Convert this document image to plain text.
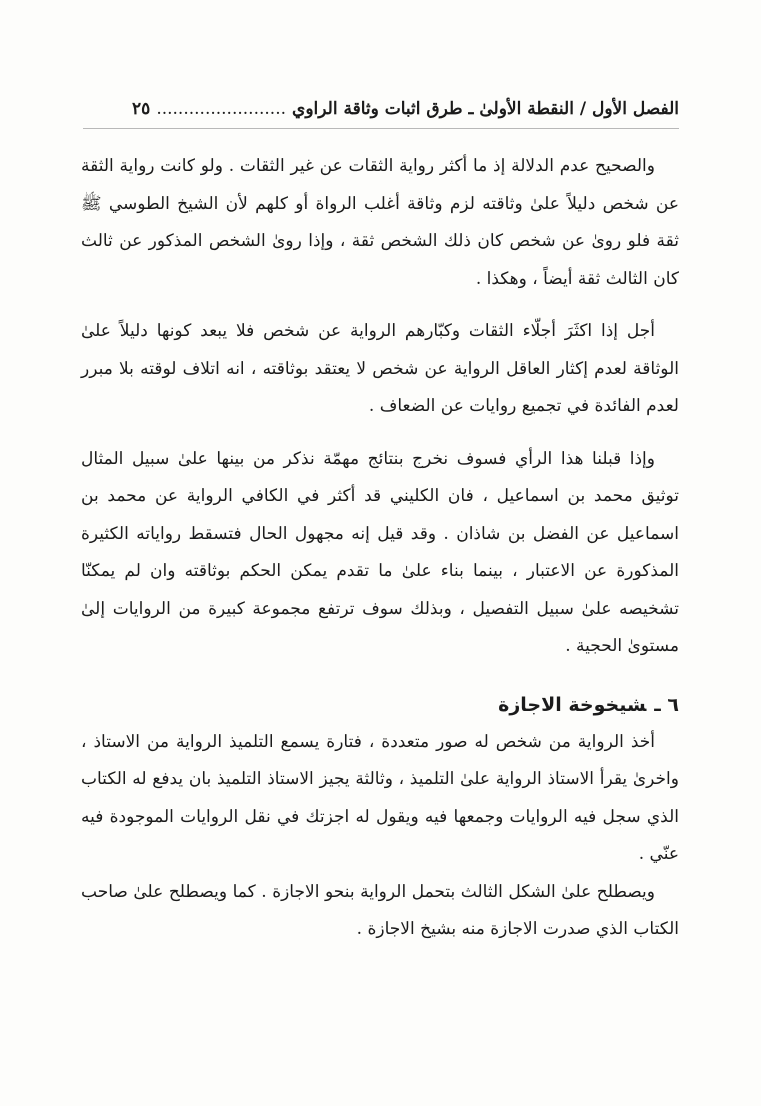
الفصل الأول / النقطة الأولىٰ ـ طرق اثبات وثاقة الراوي........................٢٥

والصحيح عدم الدلالة إذ ما أكثر رواية الثقات عن غير الثقات . ولو كانت رواية الثقة عن شخص دليلاً علىٰ وثاقته لزم وثاقة أغلب الرواة أو كلهم لأن الشيخ الطوسي ﷺ ثقة فلو روىٰ عن شخص كان ذلك الشخص ثقة ، وإذا روىٰ الشخص المذكور عن ثالث كان الثالث ثقة أيضاً ، وهكذا .

أجل إذا اكثَرَ أجلّاء الثقات وكبّارهم الرواية عن شخص فلا يبعد كونها دليلاً علىٰ الوثاقة لعدم إكثار العاقل الرواية عن شخص لا يعتقد بوثاقته ، انه اتلاف لوقته بلا مبرر لعدم الفائدة في تجميع روايات عن الضعاف .

وإذا قبلنا هذا الرأي فسوف نخرج بنتائج مهمّة نذكر من بينها علىٰ سبيل المثال توثيق محمد بن اسماعيل ، فان الكليني قد أكثر في الكافي الرواية عن محمد بن اسماعيل عن الفضل بن شاذان . وقد قيل إنه مجهول الحال فتسقط رواياته الكثيرة المذكورة عن الاعتبار ، بينما بناء علىٰ ما تقدم يمكن الحكم بوثاقته وان لم يمكنّا تشخيصه علىٰ سبيل التفصيل ، وبذلك سوف ترتفع مجموعة كبيرة من الروايات إلىٰ مستوىٰ الحجية .

٦ ـشيخوخة الاجازة

أخذ الرواية من شخص له صور متعددة ، فتارة يسمع التلميذ الرواية من الاستاذ ، واخرىٰ يقرأ الاستاذ الرواية علىٰ التلميذ ، وثالثة يجيز الاستاذ التلميذ بان يدفع له الكتاب الذي سجل فيه الروايات وجمعها فيه ويقول له اجزتك في نقل الروايات الموجودة فيه عنّي .

ويصطلح علىٰ الشكل الثالث بتحمل الرواية بنحو الاجازة . كما ويصطلح علىٰ صاحب الكتاب الذي صدرت الاجازة منه بشيخ الاجازة .
